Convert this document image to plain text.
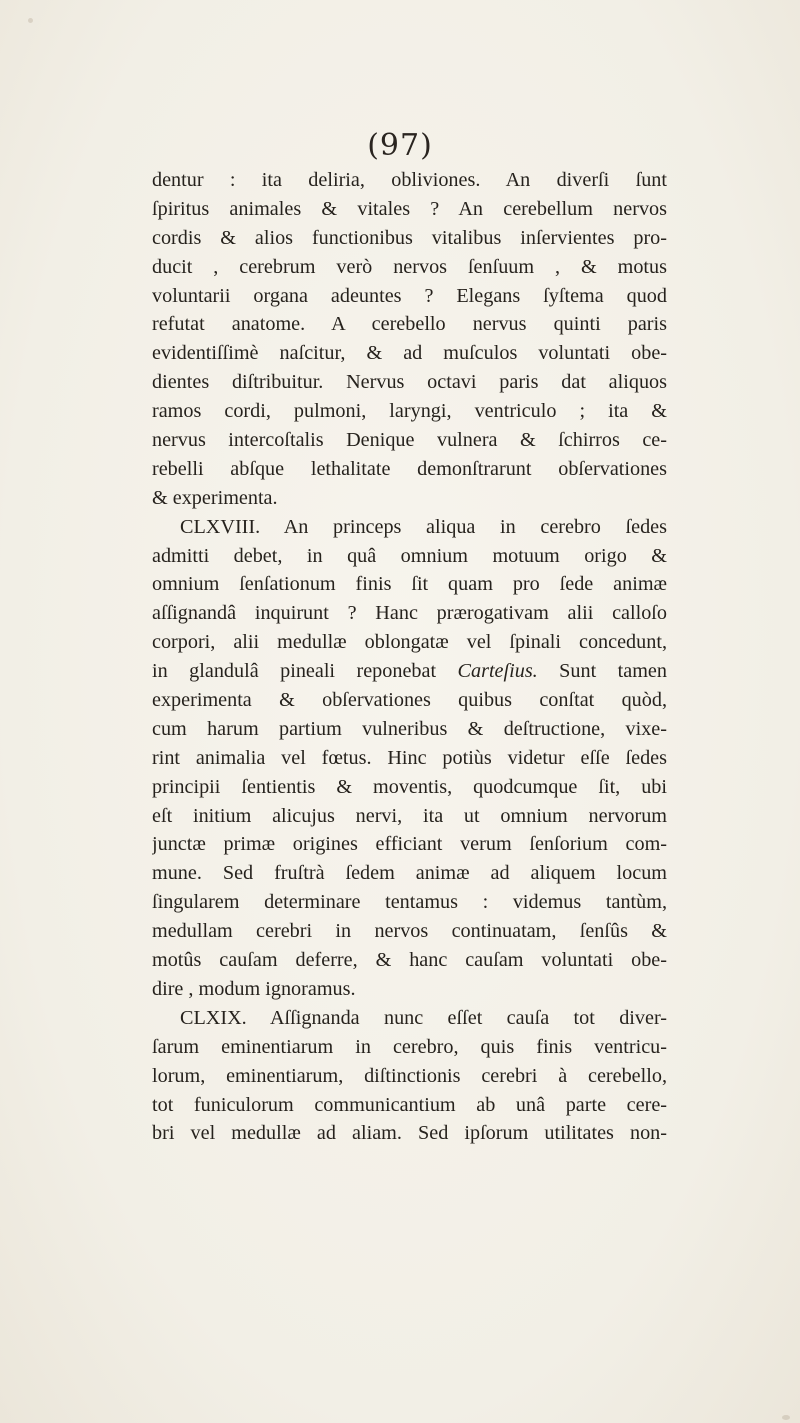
(97)
dentur : ita deliria, obliviones. An diverſi ſunt
ſpiritus animales & vitales ? An cerebellum nervos
cordis & alios functionibus vitalibus inſervientes pro-
ducit , cerebrum verò nervos ſenſuum , & motus
voluntarii organa adeuntes ? Elegans ſyſtema quod
refutat anatome. A cerebello nervus quinti paris
evidentiſſimè naſcitur, & ad muſculos voluntati obe-
dientes diſtribuitur. Nervus octavi paris dat aliquos
ramos cordi, pulmoni, laryngi, ventriculo ; ita &
nervus intercoſtalis Denique vulnera & ſchirros ce-
rebelli abſque lethalitate demonſtrarunt obſervationes
& experimenta.
CLXVIII. An princeps aliqua in cerebro ſedes
admitti debet, in quâ omnium motuum origo &
omnium ſenſationum finis ſit quam pro ſede animæ
aſſignandâ inquirunt ? Hanc prærogativam alii calloſo
corpori, alii medullæ oblongatæ vel ſpinali concedunt,
in glandulâ pineali reponebat Carteſius. Sunt tamen
experimenta & obſervationes quibus conſtat quòd,
cum harum partium vulneribus & deſtructione, vixe-
rint animalia vel fœtus. Hinc potiùs videtur eſſe ſedes
principii ſentientis & moventis, quodcumque ſit, ubi
eſt initium alicujus nervi, ita ut omnium nervorum
junctæ primæ origines efficiant verum ſenſorium com-
mune. Sed fruſtrà ſedem animæ ad aliquem locum
ſingularem determinare tentamus : videmus tantùm,
medullam cerebri in nervos continuatam, ſenſûs &
motûs cauſam deferre, & hanc cauſam voluntati obe-
dire , modum ignoramus.
CLXIX. Aſſignanda nunc eſſet cauſa tot diver-
ſarum eminentiarum in cerebro, quis finis ventricu-
lorum, eminentiarum, diſtinctionis cerebri à cerebello,
tot funiculorum communicantium ab unâ parte cere-
bri vel medullæ ad aliam. Sed ipſorum utilitates non-
